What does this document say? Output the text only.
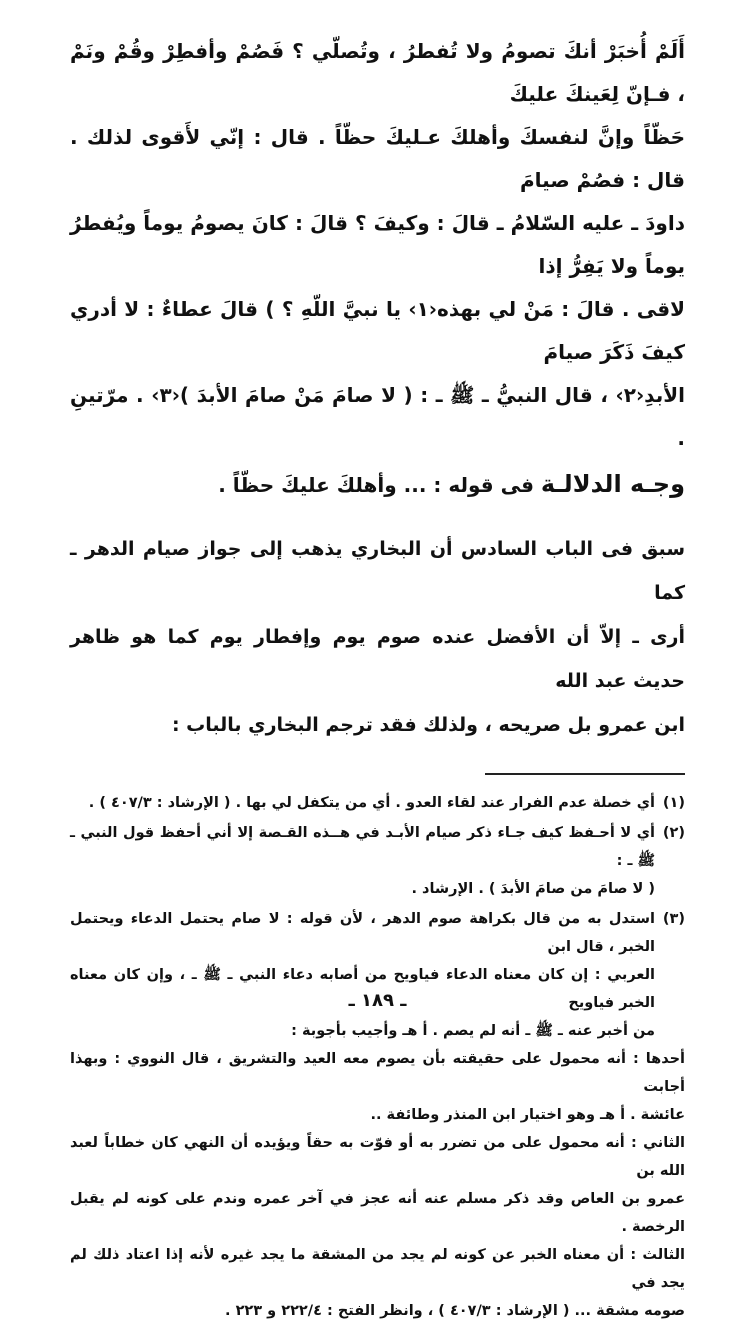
أَلَمْ أُخبَرْ أنكَ تصومُ ولا تُفطرُ ، وتُصلّي ؟ فَصُمْ وأفطِرْ وقُمْ ونَمْ ، فـإنّ لِعَينكَ عليكَ

حَظّاً وإنَّ لنفسكَ وأهلكَ عـليكَ حظّاً . قال : إنّي لأَقوى لذلك . قال : فصُمْ صيامَ

داودَ ـ عليه السّلامُ ـ قالَ : وكيفَ ؟ قالَ : كانَ يصومُ يوماً ويُفطرُ يوماً ولا يَفِرُّ إذا

لاقى . قالَ : مَنْ لي بهذه‹١› يا نبيَّ اللّهِ ؟ ) قالَ عطاءٌ : لا أدري كيفَ ذَكَرَ صيامَ

الأبدِ‹٢› ، قال النبيُّ ـ ﷺ ـ : ( لا صامَ مَنْ صامَ الأبدَ )‹٣› . مرّتينِ .

وجـه الدلالـة فى قوله : ... وأهلكَ عليكَ حظّاً .

سبق فى الباب السادس أن البخاري يذهب إلى جواز صيام الدهر ـ كما

أرى ـ إلاّ أن الأفضل عنده صوم يوم وإفطار يوم كما هو ظاهر حديث عبد الله

ابن عمرو بل صريحه ، ولذلك فقد ترجم البخاري بالباب :

(١)

أي خصلة عدم الفرار عند لقاء العدو . أي من يتكفل لي بها . ( الإرشاد : ٤٠٧/٣ ) .

(٢)

أي لا أحـفظ كيف جـاء ذكر صيام الأبـد في هــذه القـصة إلا أني أحفظ قول النبي ـ ﷺ ـ :

( لا صامَ من صامَ الأبدَ ) . الإرشاد .

(٣)

استدل به من قال بكراهة صوم الدهر ، لأن قوله : لا صام يحتمل الدعاء ويحتمل الخبر ، قال ابن

العربي : إن كان معناه الدعاء فياويح من أصابه دعاء النبي ـ ﷺ ـ ، وإن كان معناه الخبر فياويح

من أخبر عنه ـ ﷺ ـ أنه لم يصم . أ هـ وأجيب بأجوبة :

أحدها : أنه محمول على حقيقته بأن يصوم معه العيد والتشريق ، قال النووي : وبهذا أجابت

عائشة . أ هـ وهو اختيار ابن المنذر وطائفة ..

الثاني : أنه محمول على من تضرر به أو فوّت به حقاً ويؤيده أن النهي كان خطاباً لعبد الله بن

عمرو بن العاص وقد ذكر مسلم عنه أنه عجز في آخر عمره وندم على كونه لم يقبل الرخصة .

الثالث : أن معناه الخبر عن كونه لم يجد من المشقة ما يجد غيره لأنه إذا اعتاد ذلك لم يجد في

صومه مشقة ... ( الإرشاد : ٤٠٧/٣ ) ، وانظر الفتح : ٢٢٢/٤ و ٢٢٣ .

ـ ١٨٩ ـ
